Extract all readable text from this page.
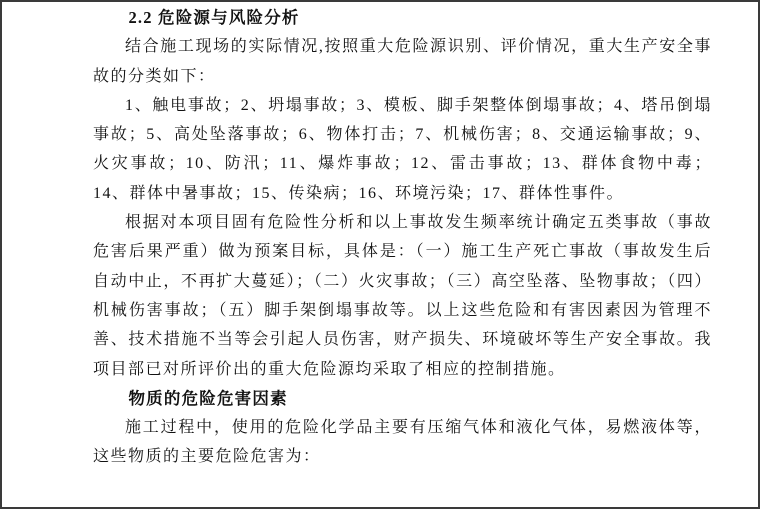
2.2 危险源与风险分析

结合施工现场的实际情况,按照重大危险源识别、评价情况，重大生产安全事故的分类如下：

1、触电事故；2、坍塌事故；3、模板、脚手架整体倒塌事故；4、塔吊倒塌事故；5、高处坠落事故；6、物体打击；7、机械伤害；8、交通运输事故；9、火灾事故；10、防汛；11、爆炸事故；12、雷击事故；13、群体食物中毒；14、群体中暑事故；15、传染病；16、环境污染；17、群体性事件。

根据对本项目固有危险性分析和以上事故发生频率统计确定五类事故（事故危害后果严重）做为预案目标，具体是：（一）施工生产死亡事故（事故发生后自动中止，不再扩大蔓延）；（二）火灾事故；（三）高空坠落、坠物事故；（四）机械伤害事故；（五）脚手架倒塌事故等。以上这些危险和有害因素因为管理不善、技术措施不当等会引起人员伤害，财产损失、环境破坏等生产安全事故。我项目部已对所评价出的重大危险源均采取了相应的控制措施。

物质的危险危害因素

施工过程中，使用的危险化学品主要有压缩气体和液化气体，易燃液体等，这些物质的主要危险危害为：
